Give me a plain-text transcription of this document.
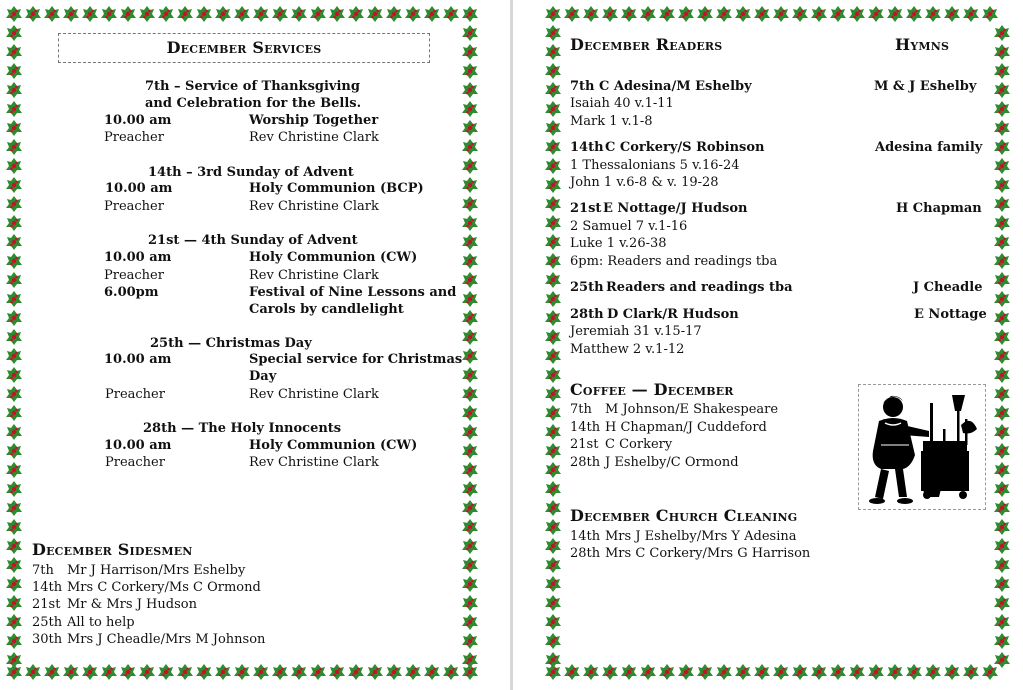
December Services
7th – Service of Thanksgiving
and Celebration for the Bells.
10.00 am	Worship Together
Preacher	Rev Christine Clark
14th – 3rd Sunday of Advent
10.00 am	Holy Communion (BCP)
Preacher	Rev Christine Clark
21st — 4th Sunday of Advent
10.00 am	Holy Communion (CW)
Preacher	Rev Christine Clark
6.00pm	Festival of Nine Lessons and
Carols by candlelight
25th — Christmas Day
10.00 am	Special service for Christmas
Day
Preacher	Rev Christine Clark
28th — The Holy Innocents
10.00 am	Holy Communion (CW)
Preacher	Rev Christine Clark
December Sidesmen
7th Mr J Harrison/Mrs Eshelby
14th Mrs C Corkery/Ms C Ormond
21st Mr & Mrs J Hudson
25th All to help
30th Mrs J Cheadle/Mrs M Johnson
December Readers	Hymns
7th C Adesina/M Eshelby	M & J Eshelby
Isaiah 40 v.1-11
Mark 1 v.1-8
14th C Corkery/S Robinson	Adesina family
1 Thessalonians 5 v.16-24
John 1 v.6-8 & v. 19-28
21st E Nottage/J Hudson	H Chapman
2 Samuel 7 v.1-16
Luke 1 v.26-38
6pm: Readers and readings tba
25th Readers and readings tba	J Cheadle
28th D Clark/R Hudson	E Nottage
Jeremiah 31 v.15-17
Matthew 2 v.1-12
Coffee — December
7th M Johnson/E Shakespeare
14th H Chapman/J Cuddeford
21st C Corkery
28th J Eshelby/C Ormond
December Church Cleaning
14th Mrs J Eshelby/Mrs Y Adesina
28th Mrs C Corkery/Mrs G Harrison
